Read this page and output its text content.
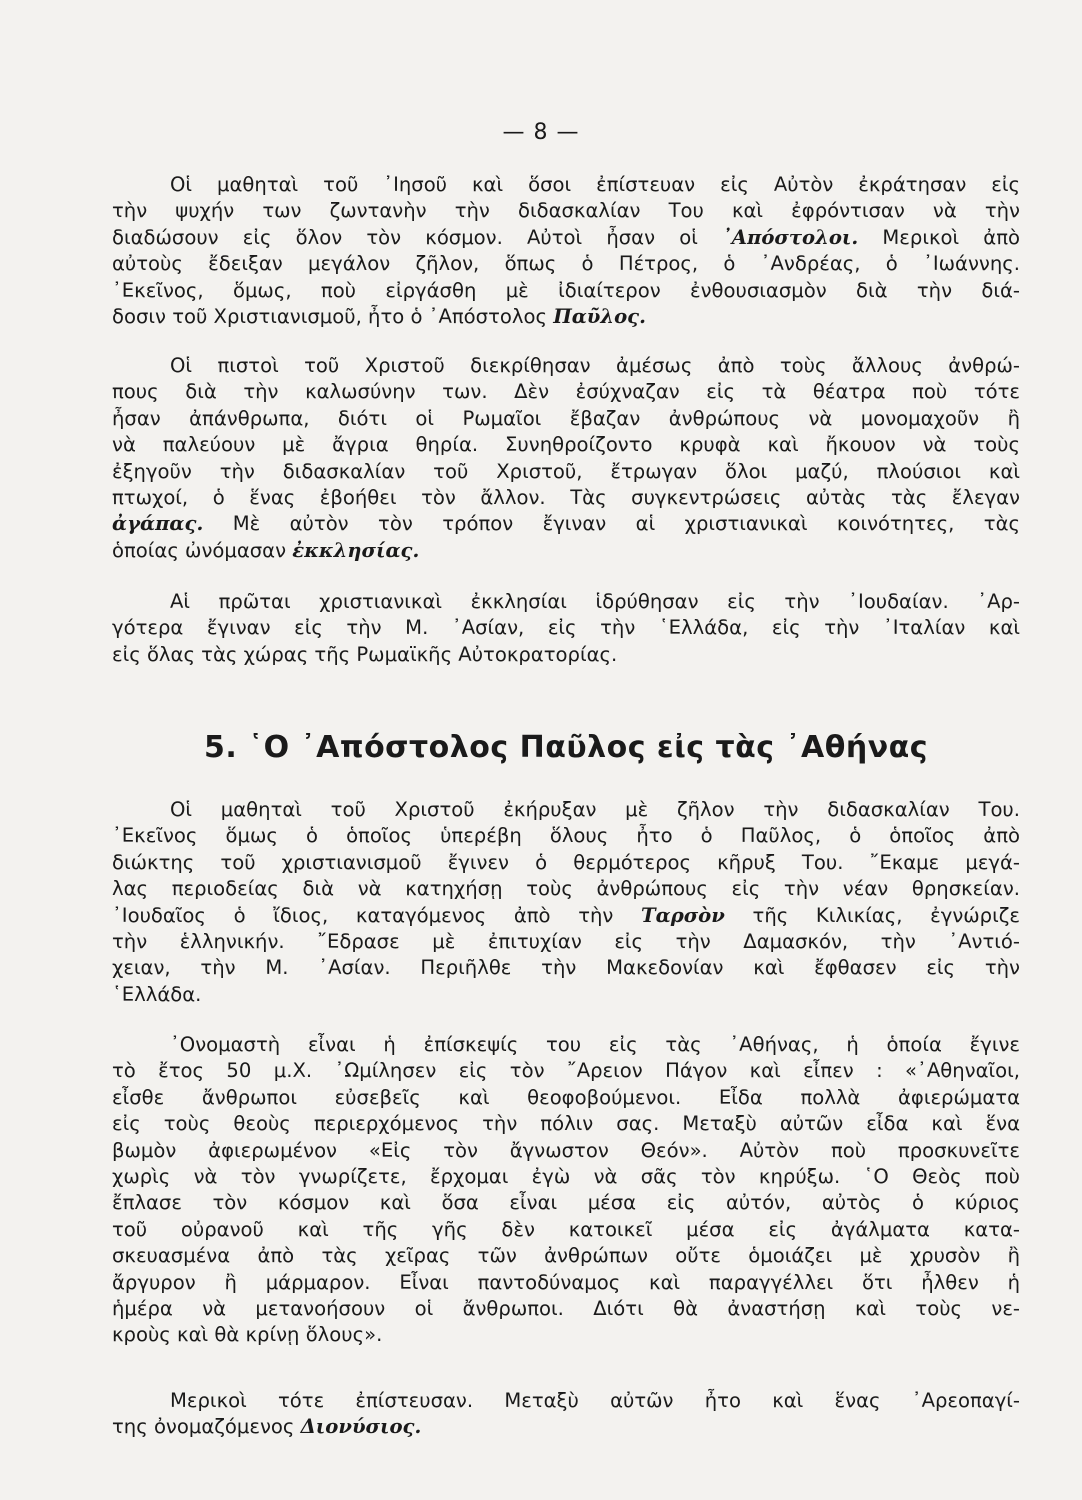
— 8 —
Οἱ μαθηταὶ τοῦ ᾿Ιησοῦ καὶ ὅσοι ἐπίστευαν εἰς Αὐτὸν ἐκράτησαν εἰς
τὴν ψυχήν των ζωντανὴν τὴν διδασκαλίαν Του καὶ ἐφρόντισαν νὰ τὴν
διαδώσουν εἰς ὅλον τὸν κόσμον. Αὐτοὶ ἦσαν οἱ ᾿Απόστολοι. Μερικοὶ ἀπὸ
αὐτοὺς ἔδειξαν μεγάλον ζῆλον, ὅπως ὁ Πέτρος, ὁ ᾿Ανδρέας, ὁ ᾿Ιωάννης.
᾿Εκεῖνος, ὅμως, ποὺ εἰργάσθη μὲ ἰδιαίτερον ἐνθουσιασμὸν διὰ τὴν διά-
δοσιν τοῦ Χριστιανισμοῦ, ἦτο ὁ ᾿Απόστολος Παῦλος.
Οἱ πιστοὶ τοῦ Χριστοῦ διεκρίθησαν ἀμέσως ἀπὸ τοὺς ἄλλους ἀνθρώ-
πους διὰ τὴν καλωσύνην των. Δὲν ἐσύχναζαν εἰς τὰ θέατρα ποὺ τότε
ἦσαν ἀπάνθρωπα, διότι οἱ Ρωμαῖοι ἔβαζαν ἀνθρώπους νὰ μονομαχοῦν ἢ
νὰ παλεύουν μὲ ἄγρια θηρία. Συνηθροίζοντο κρυφὰ καὶ ἤκουον νὰ τοὺς
ἐξηγοῦν τὴν διδασκαλίαν τοῦ Χριστοῦ, ἔτρωγαν ὅλοι μαζύ, πλούσιοι καὶ
πτωχοί, ὁ ἕνας ἐβοήθει τὸν ἄλλον. Τὰς συγκεντρώσεις αὐτὰς τὰς ἔλεγαν
ἀγάπας. Μὲ αὐτὸν τὸν τρόπον ἔγιναν αἱ χριστιανικαὶ κοινότητες, τὰς
ὁποίας ὠνόμασαν ἐκκλησίας.
Αἱ πρῶται χριστιανικαὶ ἐκκλησίαι ἱδρύθησαν εἰς τὴν ᾿Ιουδαίαν. ᾿Αρ-
γότερα ἔγιναν εἰς τὴν Μ. ᾿Ασίαν, εἰς τὴν ῾Ελλάδα, εἰς τὴν ᾿Ιταλίαν καὶ
εἰς ὅλας τὰς χώρας τῆς Ρωμαϊκῆς Αὐτοκρατορίας.
5. ῾Ο ᾿Απόστολος Παῦλος εἰς τὰς ᾿Αθήνας
Οἱ μαθηταὶ τοῦ Χριστοῦ ἐκήρυξαν μὲ ζῆλον τὴν διδασκαλίαν Του.
᾿Εκεῖνος ὅμως ὁ ὁποῖος ὑπερέβη ὅλους ἦτο ὁ Παῦλος, ὁ ὁποῖος ἀπὸ
διώκτης τοῦ χριστιανισμοῦ ἔγινεν ὁ θερμότερος κῆρυξ Του. ῎Εκαμε μεγά-
λας περιοδείας διὰ νὰ κατηχήσῃ τοὺς ἀνθρώπους εἰς τὴν νέαν θρησκείαν.
᾿Ιουδαῖος ὁ ἴδιος, καταγόμενος ἀπὸ τὴν Ταρσὸν τῆς Κιλικίας, ἐγνώριζε
τὴν ἑλληνικήν. ῎Εδρασε μὲ ἐπιτυχίαν εἰς τὴν Δαμασκόν, τὴν ᾿Αντιό-
χειαν, τὴν Μ. ᾿Ασίαν. Περιῆλθε τὴν Μακεδονίαν καὶ ἔφθασεν εἰς τὴν
῾Ελλάδα.
᾿Ονομαστὴ εἶναι ἡ ἐπίσκεψίς του εἰς τὰς ᾿Αθήνας, ἡ ὁποία ἔγινε
τὸ ἔτος 50 μ.Χ. ᾿Ωμίλησεν εἰς τὸν ῎Αρειον Πάγον καὶ εἶπεν : «᾿Αθηναῖοι,
εἶσθε ἄνθρωποι εὐσεβεῖς καὶ θεοφοβούμενοι. Εἶδα πολλὰ ἀφιερώματα
εἰς τοὺς θεοὺς περιερχόμενος τὴν πόλιν σας. Μεταξὺ αὐτῶν εἶδα καὶ ἕνα
βωμὸν ἀφιερωμένον «Εἰς τὸν ἄγνωστον Θεόν». Αὐτὸν ποὺ προσκυνεῖτε
χωρὶς νὰ τὸν γνωρίζετε, ἔρχομαι ἐγὼ νὰ σᾶς τὸν κηρύξω. ῾Ο Θεὸς ποὺ
ἔπλασε τὸν κόσμον καὶ ὅσα εἶναι μέσα εἰς αὐτόν, αὐτὸς ὁ κύριος
τοῦ οὐρανοῦ καὶ τῆς γῆς δὲν κατοικεῖ μέσα εἰς ἀγάλματα κατα-
σκευασμένα ἀπὸ τὰς χεῖρας τῶν ἀνθρώπων οὔτε ὁμοιάζει μὲ χρυσὸν ἢ
ἄργυρον ἢ μάρμαρον. Εἶναι παντοδύναμος καὶ παραγγέλλει ὅτι ἦλθεν ἡ
ἡμέρα νὰ μετανοήσουν οἱ ἄνθρωποι. Διότι θὰ ἀναστήσῃ καὶ τοὺς νε-
κροὺς καὶ θὰ κρίνῃ ὅλους».
Μερικοὶ τότε ἐπίστευσαν. Μεταξὺ αὐτῶν ἦτο καὶ ἕνας ᾿Αρεοπαγί-
της ὀνομαζόμενος Διονύσιος.
